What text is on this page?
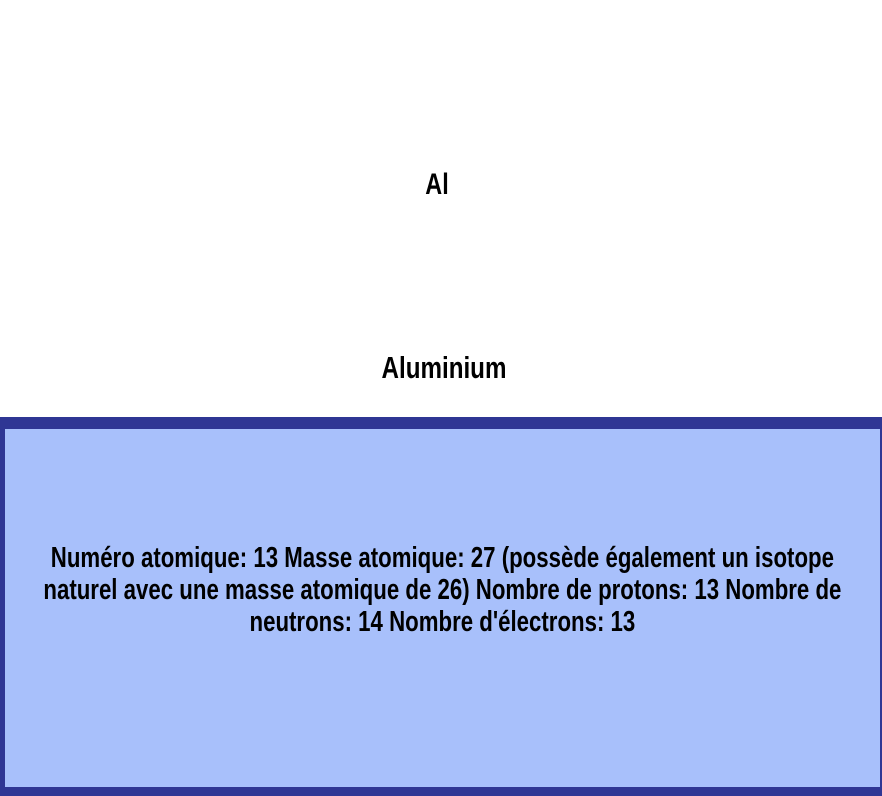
Al
Aluminium
Numéro atomique: 13 Masse atomique: 27 (possède également un isotope naturel avec une masse atomique de 26) Nombre de protons: 13 Nombre de neutrons: 14 Nombre d'électrons: 13
